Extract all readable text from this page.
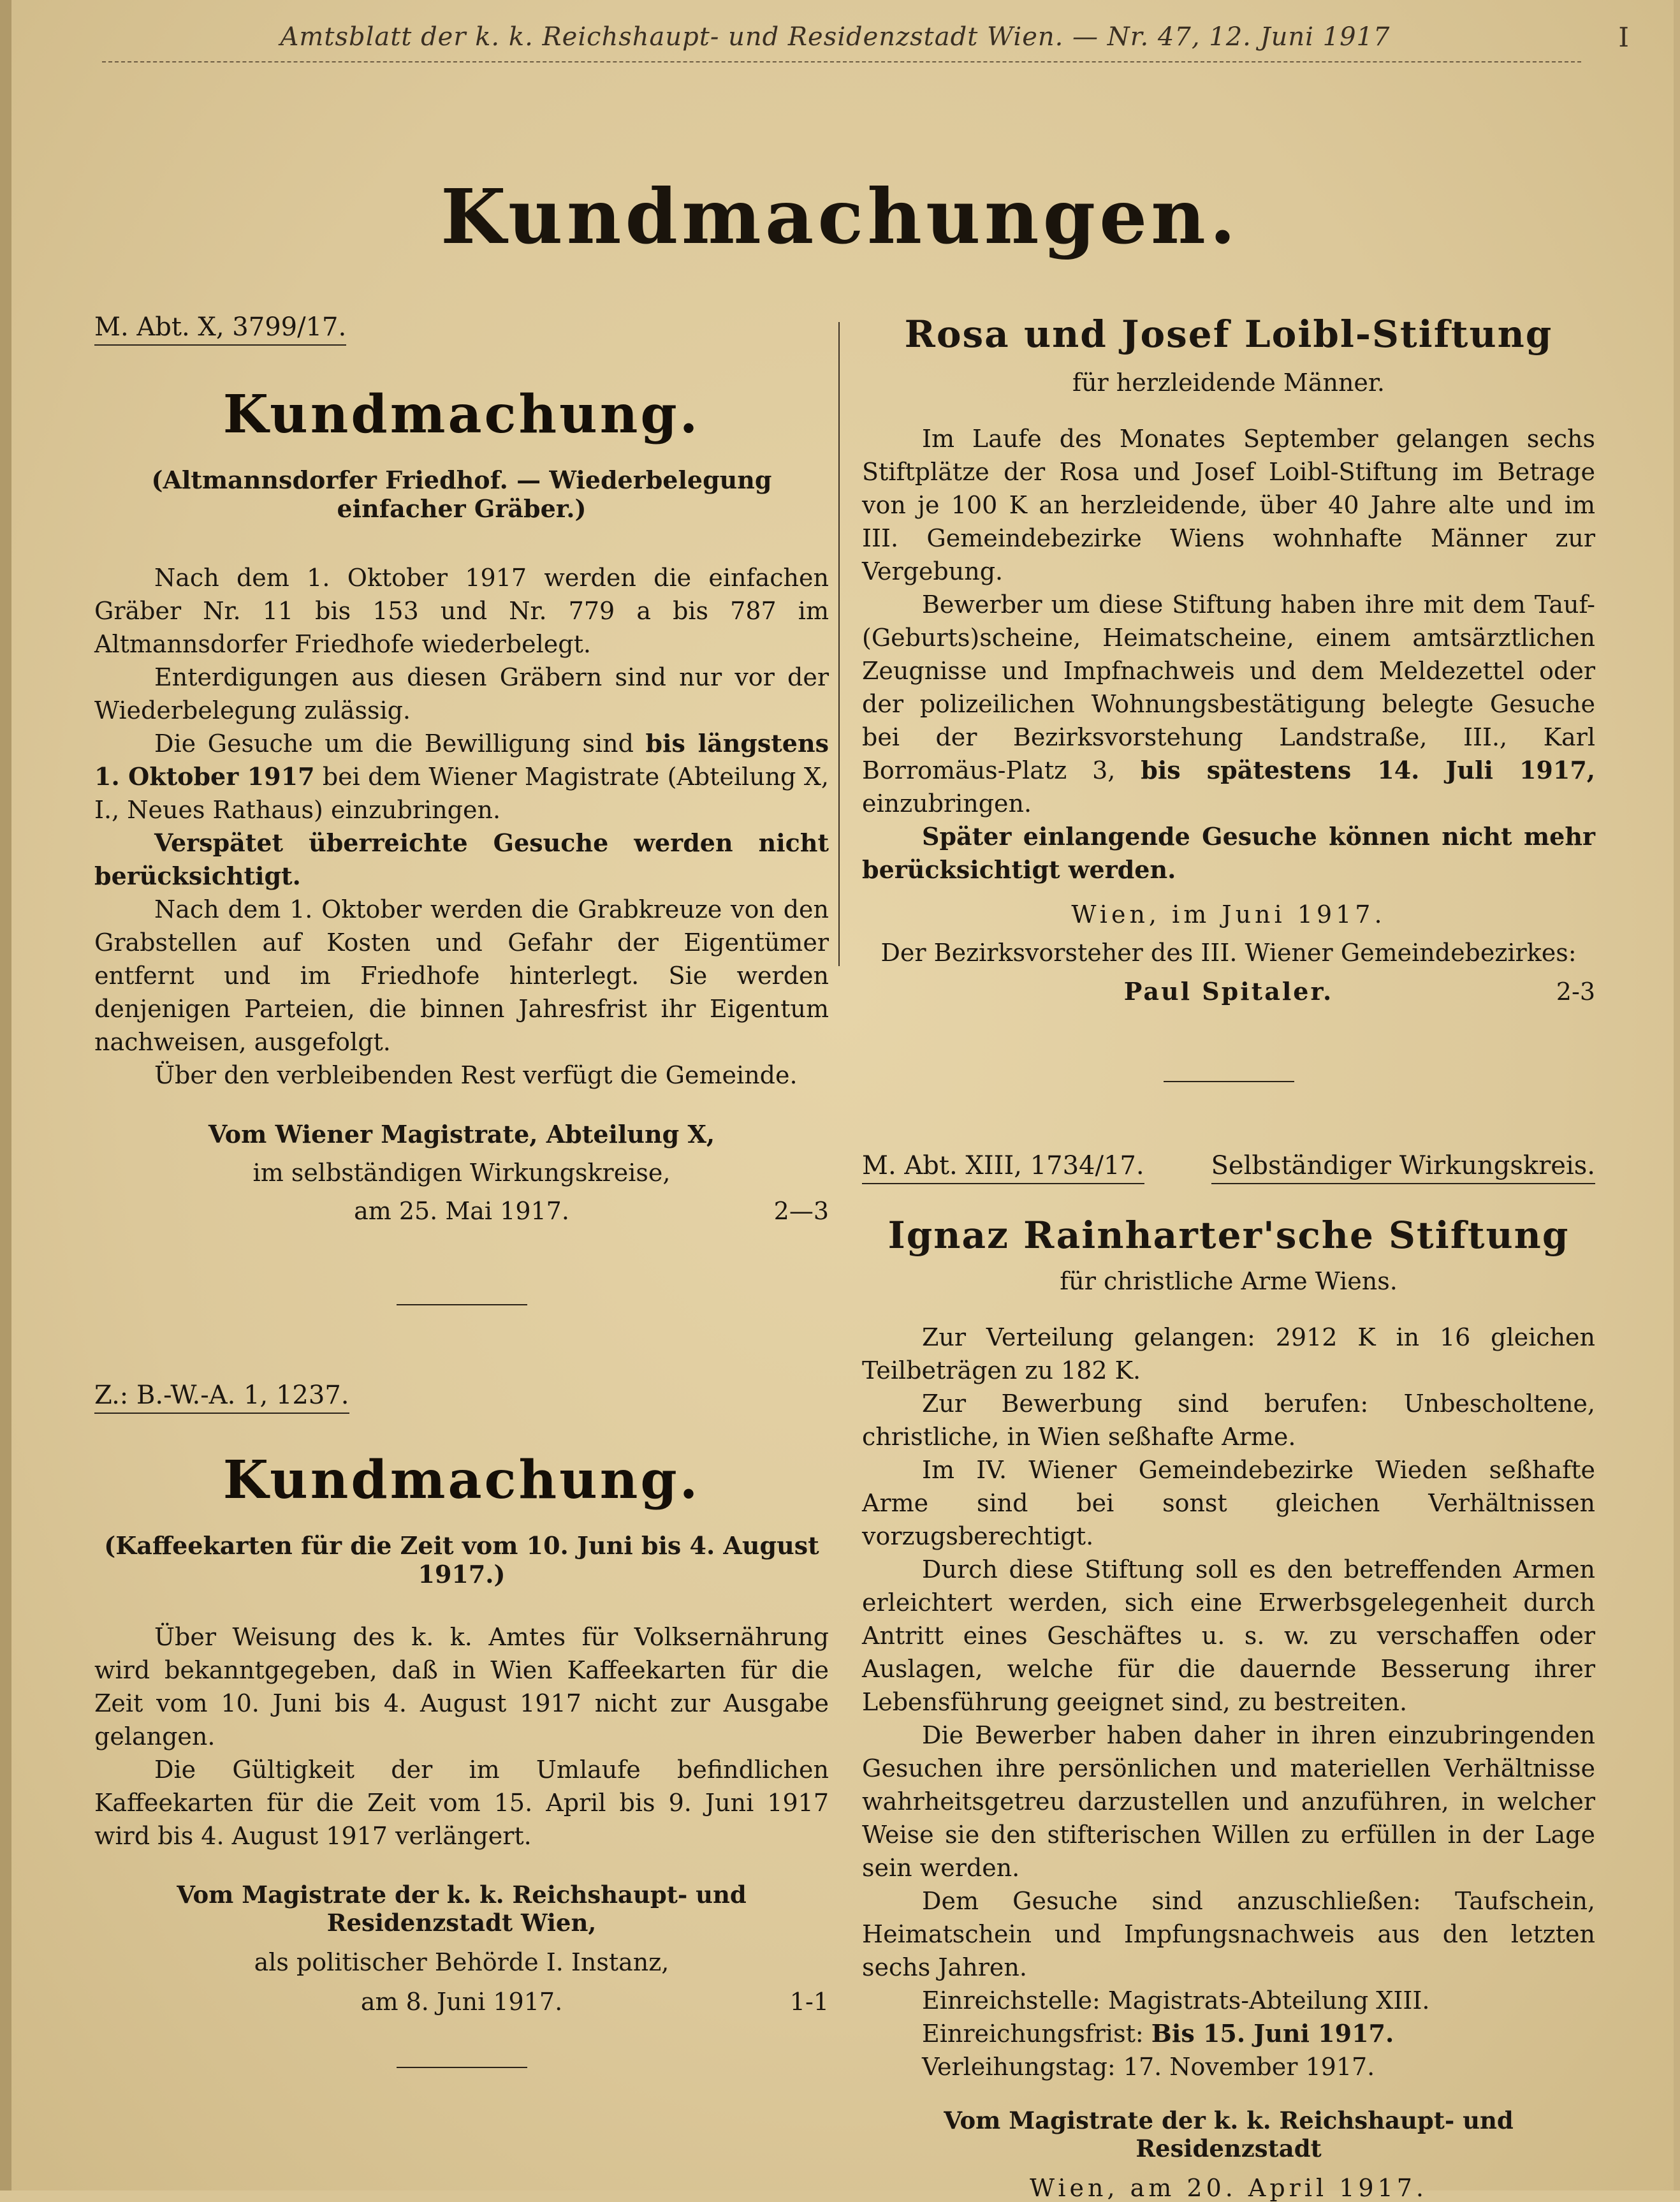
Amtsblatt der k. k. Reichshaupt- und Residenzstadt Wien. — Nr. 47, 12. Juni 1917	I
Kundmachungen.
M. Abt. X, 3799/17.
Kundmachung.
(Altmannsdorfer Friedhof. — Wiederbelegung einfacher Gräber.)

Nach dem 1. Oktober 1917 werden die einfachen Gräber Nr. 11 bis 153 und Nr. 779 a bis 787 im Altmannsdorfer Friedhofe wiederbelegt.

Enterdigungen aus diesen Gräbern sind nur vor der Wiederbelegung zulässig.

Die Gesuche um die Bewilligung sind bis längstens 1. Oktober 1917 bei dem Wiener Magistrate (Abteilung X, I., Neues Rathaus) einzubringen.

Verspätet überreichte Gesuche werden nicht berücksichtigt.

Nach dem 1. Oktober werden die Grabkreuze von den Grabstellen auf Kosten und Gefahr der Eigentümer entfernt und im Friedhofe hinterlegt. Sie werden denjenigen Parteien, die binnen Jahresfrist ihr Eigentum nachweisen, ausgefolgt.

Über den verbleibenden Rest verfügt die Gemeinde.

Vom Wiener Magistrate, Abteilung X,
im selbständigen Wirkungskreise,
am 25. Mai 1917.	2—3
Z.: B.-W.-A. 1, 1237.
Kundmachung.
(Kaffeekarten für die Zeit vom 10. Juni bis 4. August 1917.)

Über Weisung des k. k. Amtes für Volksernährung wird bekanntgegeben, daß in Wien Kaffeekarten für die Zeit vom 10. Juni bis 4. August 1917 nicht zur Ausgabe gelangen.

Die Gültigkeit der im Umlaufe befindlichen Kaffeekarten für die Zeit vom 15. April bis 9. Juni 1917 wird bis 4. August 1917 verlängert.

Vom Magistrate der k. k. Reichshaupt- und Residenzstadt Wien,
als politischer Behörde I. Instanz,
am 8. Juni 1917.	1-1
Rosa und Josef Loibl-Stiftung
für herzleidende Männer.

Im Laufe des Monates September gelangen sechs Stiftplätze der Rosa und Josef Loibl-Stiftung im Betrage von je 100 K an herzleidende, über 40 Jahre alte und im III. Gemeindebezirke Wiens wohnhafte Männer zur Vergebung.

Bewerber um diese Stiftung haben ihre mit dem Tauf- (Geburts)scheine, Heimatscheine, einem amtsärztlichen Zeugnisse und Impfnachweis und dem Meldezettel oder der polizeilichen Wohnungsbestätigung belegte Gesuche bei der Bezirksvorstehung Landstraße, III., Karl Borromäus-Platz 3, bis spätestens 14. Juli 1917, einzubringen.

Später einlangende Gesuche können nicht mehr berücksichtigt werden.

Wien, im Juni 1917.
Der Bezirksvorsteher des III. Wiener Gemeindebezirkes:
Paul Spitaler.	2-3
M. Abt. XIII, 1734/17.	Selbständiger Wirkungskreis.
Ignaz Rainharter'sche Stiftung
für christliche Arme Wiens.

Zur Verteilung gelangen: 2912 K in 16 gleichen Teilbeträgen zu 182 K.

Zur Bewerbung sind berufen: Unbescholtene, christliche, in Wien seßhafte Arme.

Im IV. Wiener Gemeindebezirke Wieden seßhafte Arme sind bei sonst gleichen Verhältnissen vorzugsberechtigt.

Durch diese Stiftung soll es den betreffenden Armen erleichtert werden, sich eine Erwerbsgelegenheit durch Antritt eines Geschäftes u. s. w. zu verschaffen oder Auslagen, welche für die dauernde Besserung ihrer Lebensführung geeignet sind, zu bestreiten.

Die Bewerber haben daher in ihren einzubringenden Gesuchen ihre persönlichen und materiellen Verhältnisse wahrheitsgetreu darzustellen und anzuführen, in welcher Weise sie den stifterischen Willen zu erfüllen in der Lage sein werden.

Dem Gesuche sind anzuschließen: Taufschein, Heimatschein und Impfungsnachweis aus den letzten sechs Jahren.

Einreichstelle: Magistrats-Abteilung XIII.

Einreichungsfrist: Bis 15. Juni 1917.

Verleihungstag: 17. November 1917.

Vom Magistrate der k. k. Reichshaupt- und Residenzstadt
Wien, am 20. April 1917.
